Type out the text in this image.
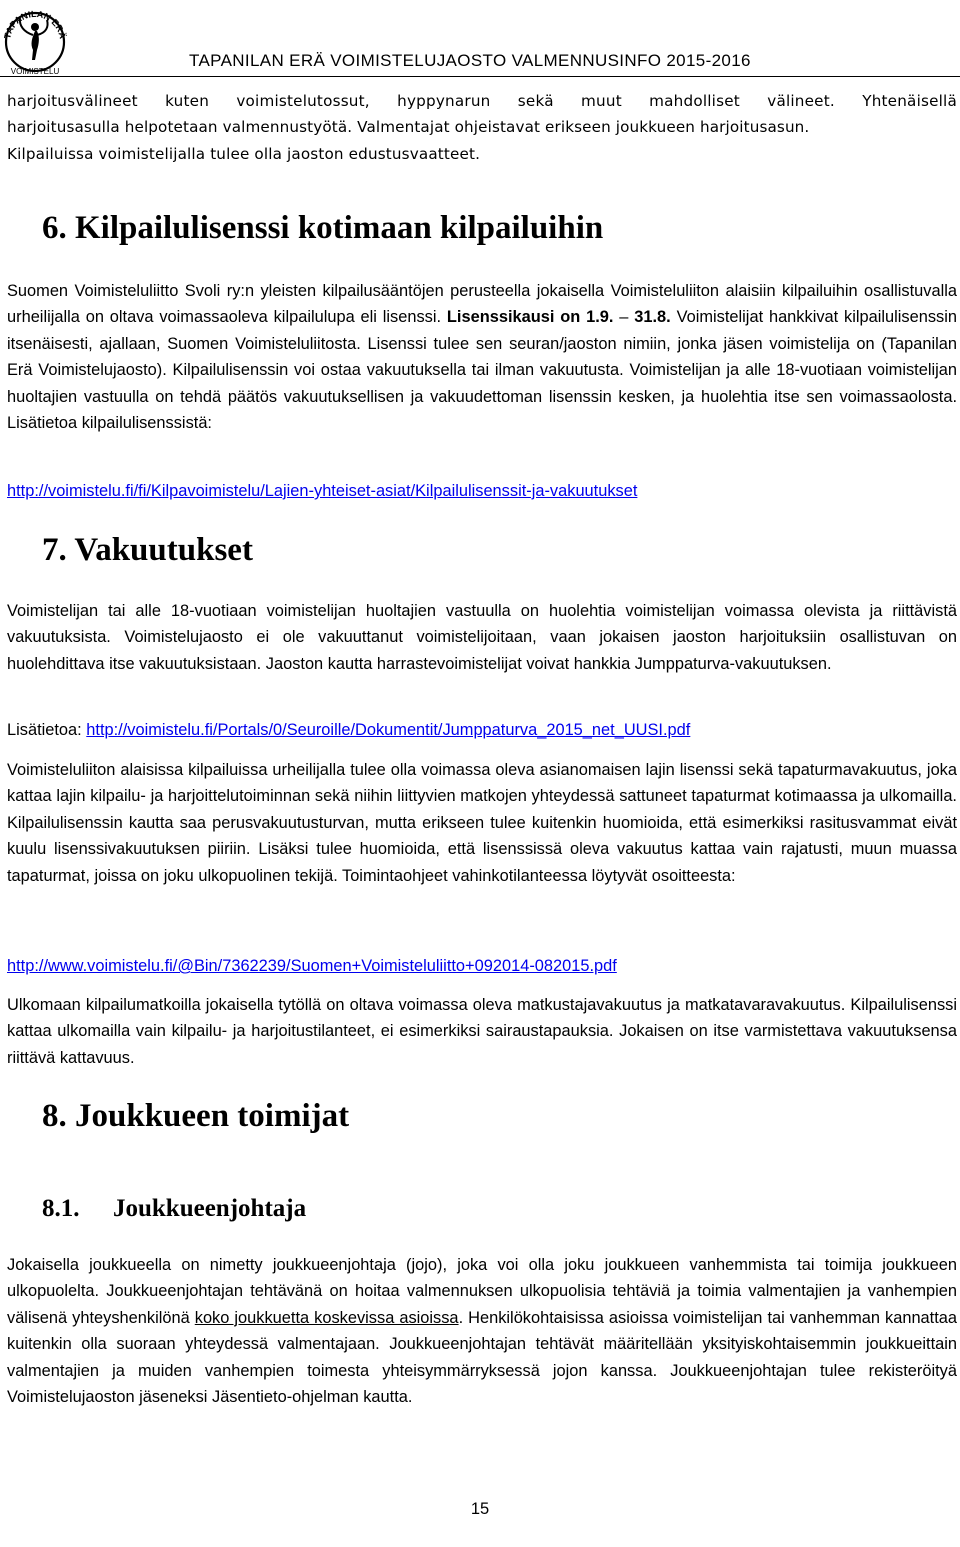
TAPANILAN ERÄ
VOIMISTELU
TAPANILAN ERÄ VOIMISTELUJAOSTO VALMENNUSINFO 2015-2016
harjoitusvälineet kuten voimistelutossut, hyppynarun sekä muut mahdolliset välineet. Yhtenäisellä
harjoitusasulla helpotetaan valmennustyötä. Valmentajat ohjeistavat erikseen joukkueen harjoitusasun.
Kilpailuissa voimistelijalla tulee olla jaoston edustusvaatteet.
6. Kilpailulisenssi kotimaan kilpailuihin
Suomen Voimisteluliitto Svoli ry:n yleisten kilpailusääntöjen perusteella jokaisella Voimisteluliiton alaisiin kilpailuihin osallistuvalla urheilijalla on oltava voimassaoleva kilpailulupa eli lisenssi. Lisenssikausi on 1.9. – 31.8. Voimistelijat hankkivat kilpailulisenssin itsenäisesti, ajallaan, Suomen Voimisteluliitosta. Lisenssi tulee sen seuran/jaoston nimiin, jonka jäsen voimistelija on (Tapanilan Erä Voimistelujaosto). Kilpailulisenssin voi ostaa vakuutuksella tai ilman vakuutusta. Voimistelijan ja alle 18-vuotiaan voimistelijan huoltajien vastuulla on tehdä päätös vakuutuksellisen ja vakuudettoman lisenssin kesken, ja huolehtia itse sen voimassaolosta. Lisätietoa kilpailulisenssistä:
http://voimistelu.fi/fi/Kilpavoimistelu/Lajien-yhteiset-asiat/Kilpailulisenssit-ja-vakuutukset
7. Vakuutukset
Voimistelijan tai alle 18-vuotiaan voimistelijan huoltajien vastuulla on huolehtia voimistelijan voimassa olevista ja riittävistä vakuutuksista. Voimistelujaosto ei ole vakuuttanut voimistelijoitaan, vaan jokaisen jaoston harjoituksiin osallistuvan on huolehdittava itse vakuutuksistaan. Jaoston kautta harrastevoimistelijat voivat hankkia Jumppaturva-vakuutuksen.
Lisätietoa: http://voimistelu.fi/Portals/0/Seuroille/Dokumentit/Jumppaturva_2015_net_UUSI.pdf
Voimisteluliiton alaisissa kilpailuissa urheilijalla tulee olla voimassa oleva asianomaisen lajin lisenssi sekä tapaturmavakuutus, joka kattaa lajin kilpailu- ja harjoittelutoiminnan sekä niihin liittyvien matkojen yhteydessä sattuneet tapaturmat kotimaassa ja ulkomailla. Kilpailulisenssin kautta saa perusvakuutusturvan, mutta erikseen tulee kuitenkin huomioida, että esimerkiksi rasitusvammat eivät kuulu lisenssivakuutuksen piiriin. Lisäksi tulee huomioida, että lisenssissä oleva vakuutus kattaa vain rajatusti, muun muassa tapaturmat, joissa on joku ulkopuolinen tekijä. Toimintaohjeet vahinkotilanteessa löytyvät osoitteesta:
http://www.voimistelu.fi/@Bin/7362239/Suomen+Voimisteluliitto+092014-082015.pdf
Ulkomaan kilpailumatkoilla jokaisella tytöllä on oltava voimassa oleva matkustajavakuutus ja matkatavaravakuutus. Kilpailulisenssi kattaa ulkomailla vain kilpailu- ja harjoitustilanteet, ei esimerkiksi sairaustapauksia. Jokaisen on itse varmistettava vakuutuksensa riittävä kattavuus.
8. Joukkueen toimijat
8.1. Joukkueenjohtaja
Jokaisella joukkueella on nimetty joukkueenjohtaja (jojo), joka voi olla joku joukkueen vanhemmista tai toimija joukkueen ulkopuolelta. Joukkueenjohtajan tehtävänä on hoitaa valmennuksen ulkopuolisia tehtäviä ja toimia valmentajien ja vanhempien välisenä yhteyshenkilönä koko joukkuetta koskevissa asioissa. Henkilökohtaisissa asioissa voimistelijan tai vanhemman kannattaa kuitenkin olla suoraan yhteydessä valmentajaan. Joukkueenjohtajan tehtävät määritellään yksityiskohtaisemmin joukkueittain valmentajien ja muiden vanhempien toimesta yhteisymmärryksessä jojon kanssa. Joukkueenjohtajan tulee rekisteröityä Voimistelujaoston jäseneksi Jäsentieto-ohjelman kautta.
15
